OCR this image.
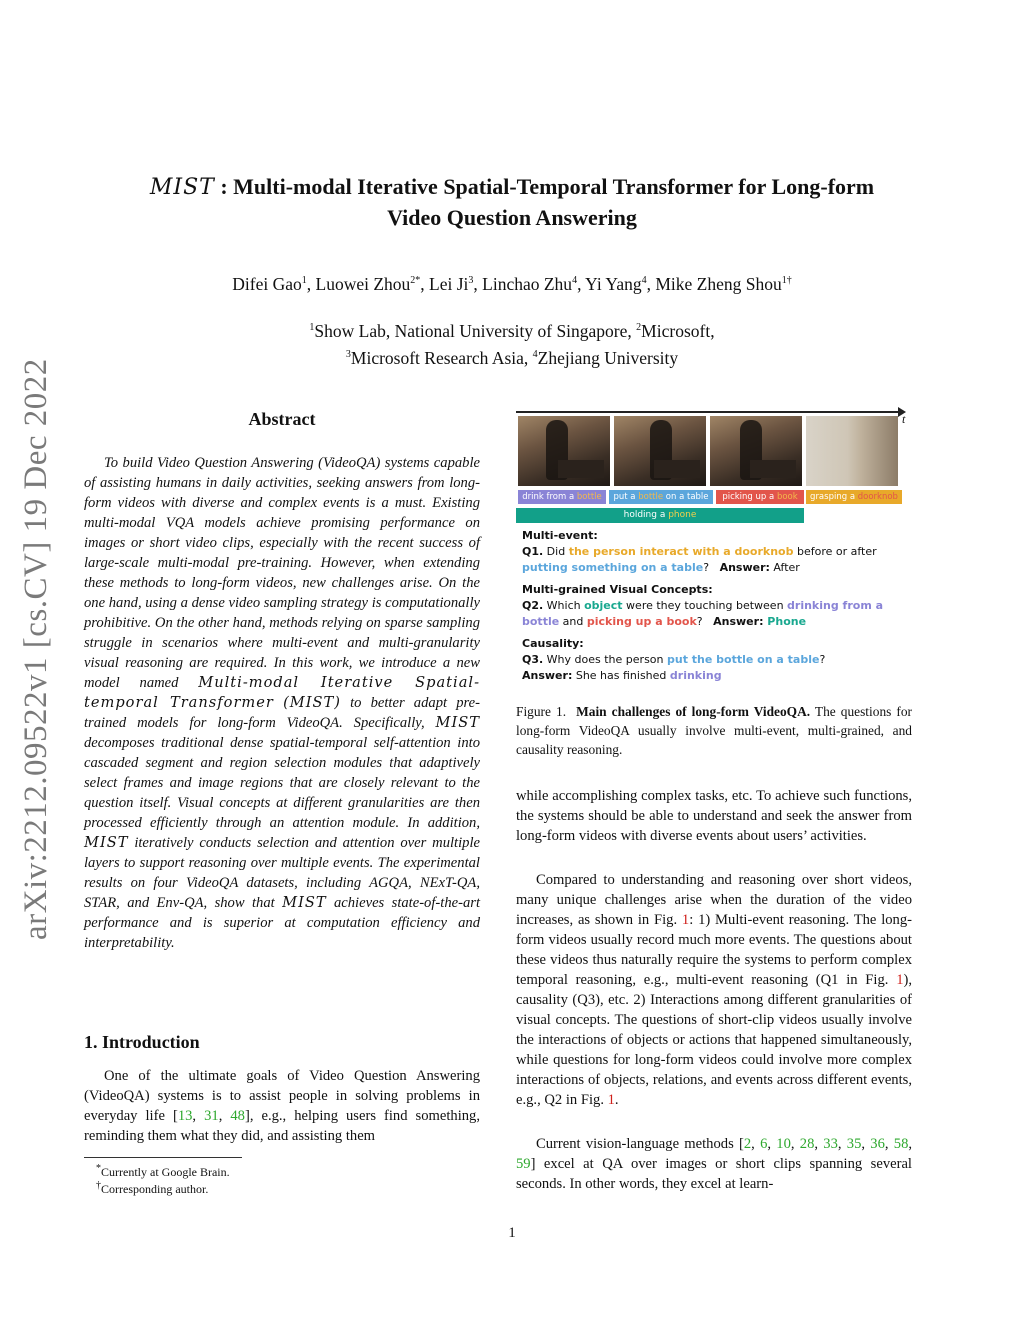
MIST : Multi-modal Iterative Spatial-Temporal Transformer for Long-form
Video Question Answering
Difei Gao$^1$, Luowei Zhou$^{2*}$, Lei Ji$^3$, Linchao Zhu$^4$, Yi Yang$^4$, Mike Zheng Shou$^{1\dagger}$
$^1$Show Lab, National University of Singapore, $^2$Microsoft,
$^3$Microsoft Research Asia, $^4$Zhejiang University
arXiv:2212.09522v1 [cs.CV] 19 Dec 2022	Abstract
To build Video Question Answering (VideoQA) systems capable of assisting humans in daily activities, seeking answers from long-form videos with diverse and complex events is a must. Existing multi-modal VQA models achieve promising performance on images or short video clips, especially with the recent success of large-scale multi-modal pre-training. However, when extending these methods to long-form videos, new challenges arise. On the one hand, using a dense video sampling strategy is computationally prohibitive. On the other hand, methods relying on sparse sampling struggle in scenarios where multi-event and multi-granularity visual reasoning are required. In this work, we introduce a new model named Multi-modal Iterative Spatial-temporal Transformer (MIST) to better adapt pre-trained models for long-form VideoQA. Specifically, MIST decomposes traditional dense spatial-temporal self-attention into cascaded segment and region selection modules that adaptively select frames and image regions that are closely relevant to the question itself. Visual concepts at different granularities are then processed efficiently through an attention module. In addition, MIST iteratively conducts selection and attention over multiple layers to support reasoning over multiple events. The experimental results on four VideoQA datasets, including AGQA, NExT-QA, STAR, and Env-QA, show that MIST achieves state-of-the-art performance and is superior at computation efficiency and interpretability.
1. Introduction
One of the ultimate goals of Video Question Answering (VideoQA) systems is to assist people in solving problems in everyday life [13, 31, 48], e.g., helping users find something, reminding them what they did, and assisting them
*Currently at Google Brain.
†Corresponding author.
t
drink from a bottle	put a bottle on a table	picking up a book	grasping a doorknob
holding a phone
Multi-event:
Q1. Did the person interact with a doorknob before or after putting something on a table? Answer: After
Multi-grained Visual Concepts:
Q2. Which object were they touching between drinking from a bottle and picking up a book? Answer: Phone
Causality:
Q3. Why does the person put the bottle on a table?
Answer: She has finished drinking
Figure 1. Main challenges of long-form VideoQA. The questions for long-form VideoQA usually involve multi-event, multi-grained, and causality reasoning.
while accomplishing complex tasks, etc. To achieve such functions, the systems should be able to understand and seek the answer from long-form videos with diverse events about users’ activities.
Compared to understanding and reasoning over short videos, many unique challenges arise when the duration of the video increases, as shown in Fig. 1: 1) Multi-event reasoning. The long-form videos usually record much more events. The questions about these videos thus naturally require the systems to perform complex temporal reasoning, e.g., multi-event reasoning (Q1 in Fig. 1), causality (Q3), etc. 2) Interactions among different granularities of visual concepts. The questions of short-clip videos usually involve the interactions of objects or actions that happened simultaneously, while questions for long-form videos could involve more complex interactions of objects, relations, and events across different events, e.g., Q2 in Fig. 1.
Current vision-language methods [2, 6, 10, 28, 33, 35, 36, 58, 59] excel at QA over images or short clips spanning several seconds. In other words, they excel at learn-
1
